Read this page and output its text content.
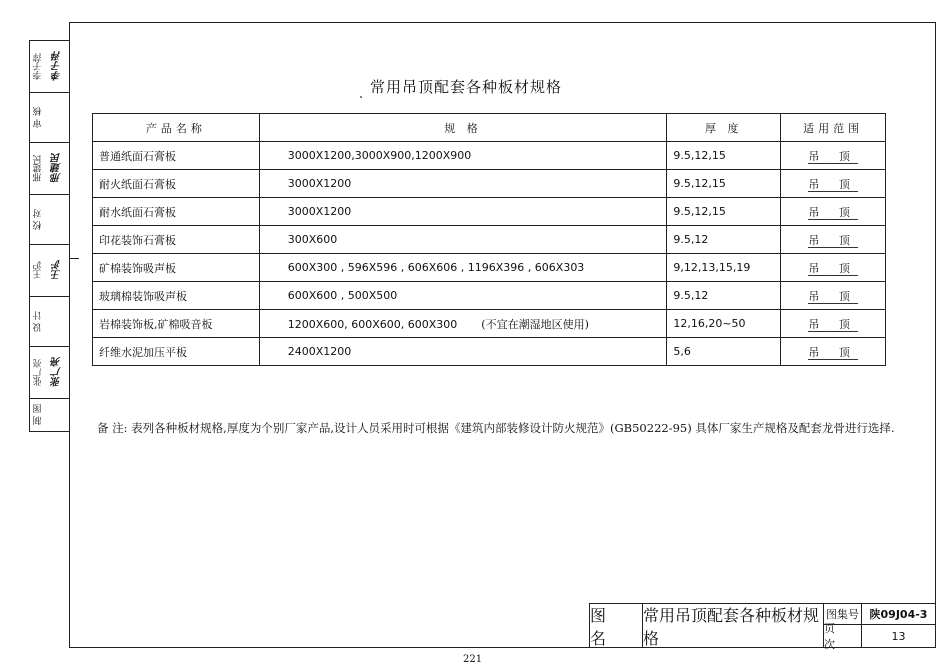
李子萍 李子萍
审 核
邢建民 邢建民
校 对
王沪 王沪
设 计
张广亮 张广亮
制 图
常用吊顶配套各种板材规格
产品名称	规 格	厚 度	适用范围
普通纸面石膏板	3000X1200,3000X900,1200X900	9.5,12,15	吊 顶
耐火纸面石膏板	3000X1200	9.5,12,15	吊 顶
耐水纸面石膏板	3000X1200	9.5,12,15	吊 顶
印花装饰石膏板	300X600	9.5,12	吊 顶
矿棉装饰吸声板	600X300 , 596X596 , 606X606 , 1196X396 , 606X303	9,12,13,15,19	吊 顶
玻璃棉装饰吸声板	600X600 , 500X500	9.5,12	吊 顶
岩棉装饰板,矿棉吸音板	1200X600, 600X600, 600X300 (不宜在潮湿地区使用)	12,16,20~50	吊 顶
纤维水泥加压平板	2400X1200	5,6	吊 顶
备 注: 表列各种板材规格,厚度为个别厂家产品,设计人员采用时可根据《建筑内部装修设计防火规范》(GB50222-95) 具体厂家生产规格及配套龙骨进行选择.
图 名
常用吊顶配套各种板材规格
图集号 陕09J04-3
页 次
13
221
